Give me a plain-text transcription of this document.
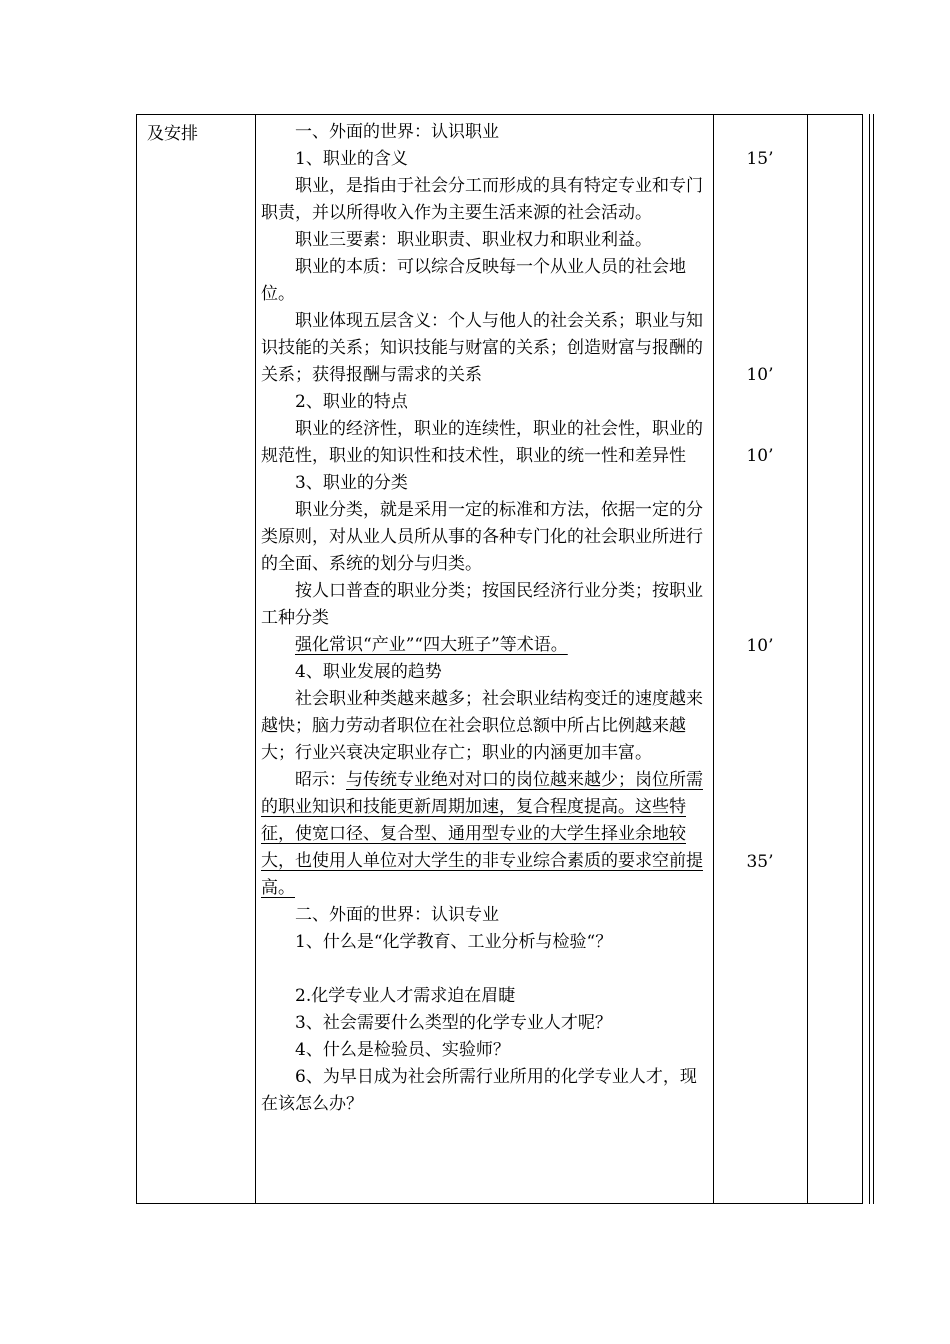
及安排	一、外面的世界：认识职业

1、职业的含义

职业，是指由于社会分工而形成的具有特定专业和专门职责，并以所得收入作为主要生活来源的社会活动。

职业三要素：职业职责、职业权力和职业利益。

职业的本质：可以综合反映每一个从业人员的社会地位。

职业体现五层含义：个人与他人的社会关系；职业与知识技能的关系；知识技能与财富的关系；创造财富与报酬的关系；获得报酬与需求的关系

2、职业的特点

职业的经济性，职业的连续性，职业的社会性，职业的规范性，职业的知识性和技术性，职业的统一性和差异性

3、职业的分类

职业分类，就是采用一定的标准和方法，依据一定的分类原则，对从业人员所从事的各种专门化的社会职业所进行的全面、系统的划分与归类。

按人口普查的职业分类；按国民经济行业分类；按职业工种分类

强化常识“产业”“四大班子”等术语。

4、职业发展的趋势

社会职业种类越来越多；社会职业结构变迁的速度越来越快；脑力劳动者职位在社会职位总额中所占比例越来越大；行业兴衰决定职业存亡；职业的内涵更加丰富。

昭示：与传统专业绝对对口的岗位越来越少；岗位所需的职业知识和技能更新周期加速，复合程度提高。这些特征，使宽口径、复合型、通用型专业的大学生择业余地较大，也使用人单位对大学生的非专业综合素质的要求空前提高。

二、外面的世界：认识专业

1、什么是“化学教育、工业分析与检验“？

2.化学专业人才需求迫在眉睫

3、社会需要什么类型的化学专业人才呢？

4、什么是检验员、实验师？

6、为早日成为社会所需行业所用的化学专业人才，现在该怎么办？

15’
10’
10’
10’
35’
